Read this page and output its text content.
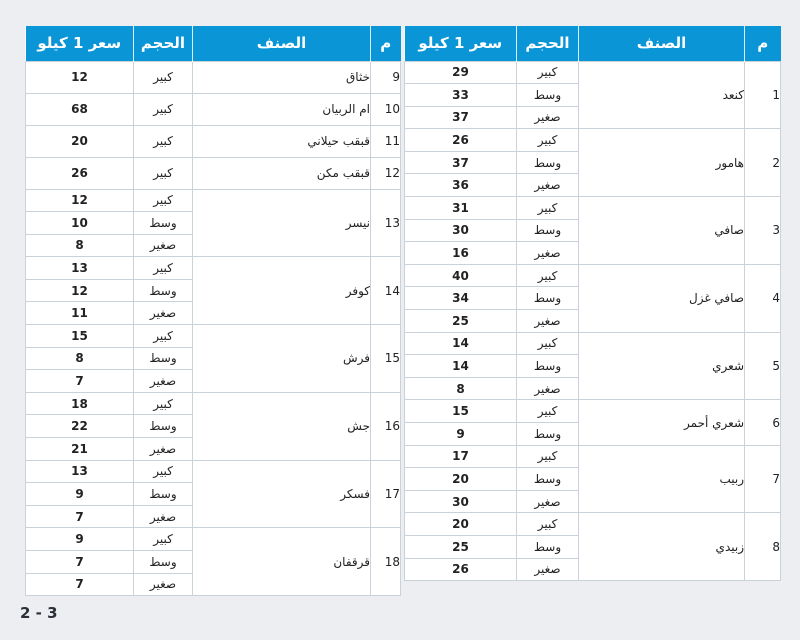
م	الصنف	الحجم	سعر 1 كيلو
1	كنعد	كبير	29
		وسط	33
		صغير	37
2	هامور	كبير	26
		وسط	37
		صغير	36
3	صافي	كبير	31
		وسط	30
		صغير	16
4	صافي غزل	كبير	40
		وسط	34
		صغير	25
5	شعري	كبير	14
		وسط	14
		صغير	8
6	شعري أحمر	كبير	15
		وسط	9
7	ربيب	كبير	17
		وسط	20
		صغير	30
8	زبيدي	كبير	20
		وسط	25
		صغير	26
م	الصنف	الحجم	سعر 1 كيلو
9	خثاق	كبير	12
10	ام الربيان	كبير	68
11	قبقب حيلاني	كبير	20
12	قبقب مكن	كبير	26
13	نيسر	كبير	12
		وسط	10
		صغير	8
14	كوفر	كبير	13
		وسط	12
		صغير	11
15	فرش	كبير	15
		وسط	8
		صغير	7
16	جش	كبير	18
		وسط	22
		صغير	21
17	فسكر	كبير	13
		وسط	9
		صغير	7
18	قرقفان	كبير	9
		وسط	7
		صغير	7
2 - 3
